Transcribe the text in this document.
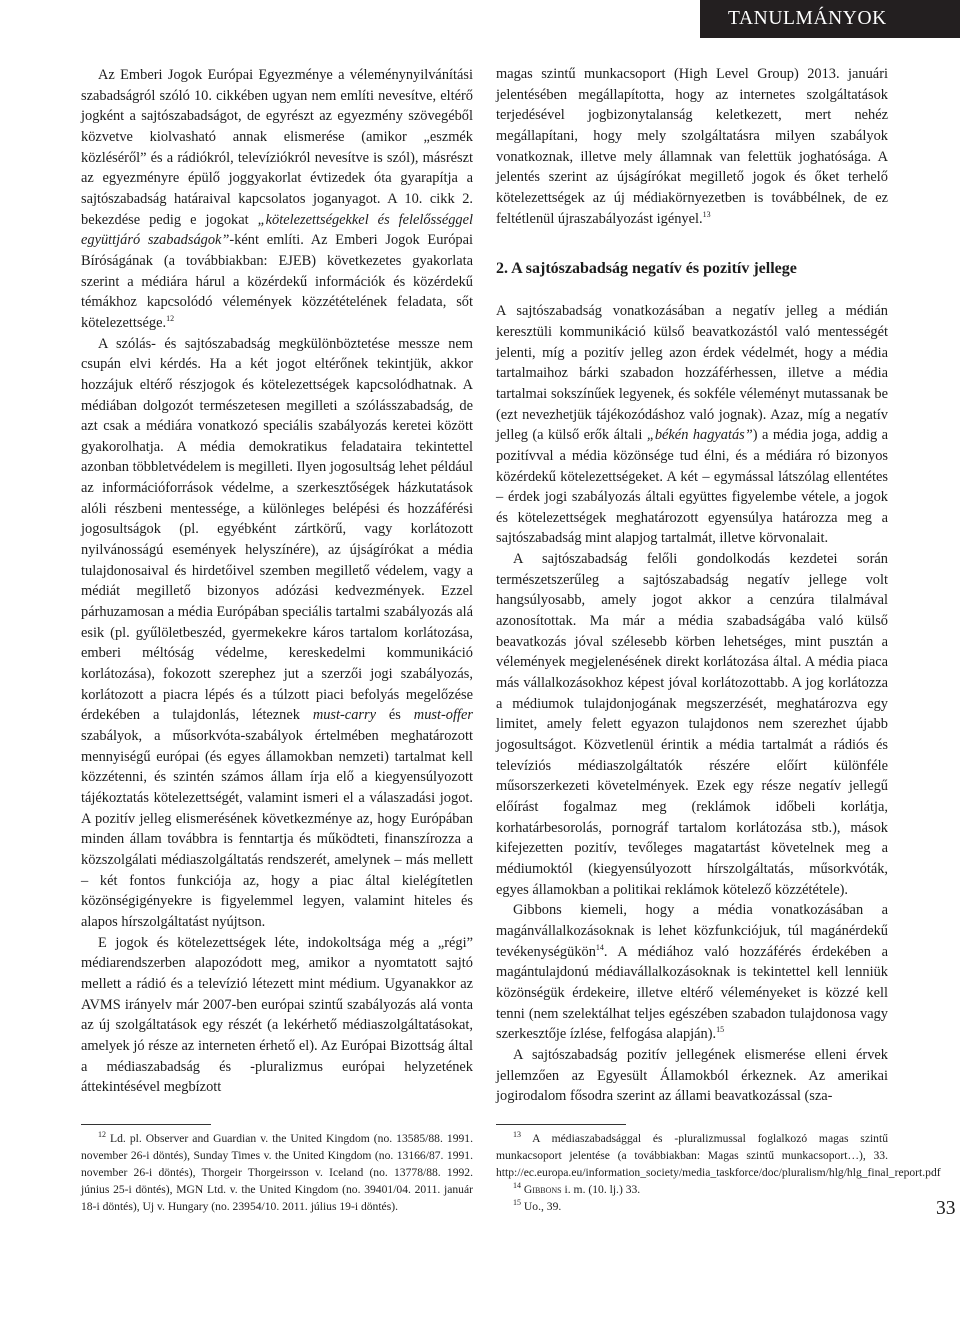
TANULMÁNYOK

Az Emberi Jogok Európai Egyezménye a véleménynyilvánítási szabadságról szóló 10. cikkében ugyan nem említi nevesítve, eltérő jogként a sajtószabadságot, de egyrészt az egyezmény szövegéből közvetve kiolvasható annak elismerése (amikor „eszmék közléséről” és a rádiókról, televíziókról nevesítve is szól), másrészt az egyezményre épülő joggyakorlat évtizedek óta gyarapítja a sajtószabadság határaival kapcsolatos joganyagot. A 10. cikk 2. bekezdése pedig e jogokat „kötelezettségekkel és felelősséggel együttjáró szabadságok”-ként említi. Az Emberi Jogok Európai Bíróságának (a továbbiakban: EJEB) következetes gyakorlata szerint a médiára hárul a közérdekű információk és közérdekű témákhoz kapcsolódó vélemények közzétételének feladata, sőt kötelezettsége.$^{12}$

A szólás- és sajtószabadság megkülönböztetése messze nem csupán elvi kérdés. Ha a két jogot eltérőnek tekintjük, akkor hozzájuk eltérő részjogok és kötelezettségek kapcsolódhatnak. A médiában dolgozót természetesen megilleti a szólásszabadság, de azt csak a médiára vonatkozó speciális szabályozás keretei között gyakorolhatja. A média demokratikus feladataira tekintettel azonban többletvédelem is megilleti. Ilyen jogosultság lehet például az információforrások védelme, a szerkesztőségek házkutatások alóli részbeni mentessége, a különleges belépési és hozzáférési jogosultságok (pl. egyébként zártkörű, vagy korlátozott nyilvánosságú események helyszínére), az újságírókat a média tulajdonosaival és hirdetőivel szemben megillető védelem, vagy a médiát megillető bizonyos adózási kedvezmények. Ezzel párhuzamosan a média Európában speciális tartalmi szabályozás alá esik (pl. gyűlöletbeszéd, gyermekekre káros tartalom korlátozása, emberi méltóság védelme, kereskedelmi kommunikáció korlátozása), fokozott szerephez jut a szerzői jogi szabályozás, korlátozott a piacra lépés és a túlzott piaci befolyás megelőzése érdekében a tulajdonlás, léteznek must-carry és must-offer szabályok, a műsorkvóta-szabályok értelmében meghatározott mennyiségű európai (és egyes államokban nemzeti) tartalmat kell közzétenni, és szintén számos állam írja elő a kiegyensúlyozott tájékoztatás kötelezettségét, valamint ismeri el a válaszadási jogot. A pozitív jelleg elismerésének következménye az, hogy Európában minden állam továbbra is fenntartja és működteti, finanszírozza a közszolgálati médiaszolgáltatás rendszerét, amelynek – más mellett – két fontos funkciója az, hogy a piac által kielégítetlen közönségigényekre is figyelemmel legyen, valamint hiteles és alapos hírszolgáltatást nyújtson.

E jogok és kötelezettségek léte, indokoltsága még a „régi” médiarendszerben alapozódott meg, amikor a nyomtatott sajtó mellett a rádió és a televízió létezett mint médium. Ugyanakkor az AVMS irányelv már 2007-ben európai szintű szabályozás alá vonta az új szolgáltatások egy részét (a lekérhető médiaszolgáltatásokat, amelyek jó része az interneten érhető el). Az Európai Bizottság által a médiaszabadság és -pluralizmus európai helyzetének áttekintésével megbízott

magas szintű munkacsoport (High Level Group) 2013. januári jelentésében megállapította, hogy az internetes szolgáltatások terjedésével jogbizonytalanság keletkezett, mert nehéz megállapítani, hogy mely szolgáltatásra milyen szabályok vonatkoznak, illetve mely államnak van felettük joghatósága. A jelentés szerint az újságírókat megillető jogok és őket terhelő kötelezettségek az új médiakörnyezetben is továbbélnek, de ez feltétlenül újraszabályozást igényel.$^{13}$

2. A sajtószabadság negatív és pozitív jellege

A sajtószabadság vonatkozásában a negatív jelleg a médián keresztüli kommunikáció külső beavatkozástól való mentességét jelenti, míg a pozitív jelleg azon érdek védelmét, hogy a média tartalmaihoz bárki szabadon hozzáférhessen, illetve a média tartalmai sokszínűek legyenek, és sokféle véleményt mutassanak be (ezt nevezhetjük tájékozódáshoz való jognak). Azaz, míg a negatív jelleg (a külső erők általi „békén hagyatás”) a média joga, addig a pozitívval a média közönsége tud élni, és a médiára ró bizonyos közérdekű kötelezettségeket. A két – egymással látszólag ellentétes – érdek jogi szabályozás általi együttes figyelembe vétele, a jogok és kötelezettségek meghatározott egyensúlya határozza meg a sajtószabadság mint alapjog tartalmát, illetve körvonalait.

A sajtószabadság felőli gondolkodás kezdetei során természetszerűleg a sajtószabadság negatív jellege volt hangsúlyosabb, amely jogot akkor a cenzúra tilalmával azonosítottak. Ma már a média szabadságába való külső beavatkozás jóval szélesebb körben lehetséges, mint pusztán a vélemények megjelenésének direkt korlátozása által. A média piaca más vállalkozásokhoz képest jóval korlátozottabb. A jog korlátozza a médiumok tulajdonjogának megszerzését, meghatározva egy limitet, amely felett egyazon tulajdonos nem szerezhet újabb jogosultságot. Közvetlenül érintik a média tartalmát a rádiós és televíziós médiaszolgáltatók részére előírt különféle műsorszerkezeti követelmények. Ezek egy része negatív jellegű előírást fogalmaz meg (reklámok időbeli korlátja, korhatárbesorolás, pornográf tartalom korlátozása stb.), mások kifejezetten pozitív, tevőleges magatartást követelnek meg a médiumoktól (kiegyensúlyozott hírszolgáltatás, műsorkvóták, egyes államokban a politikai reklámok kötelező közzététele).

Gibbons kiemeli, hogy a média vonatkozásában a magánvállalkozásoknak is lehet közfunkciójuk, túl magánérdekű tevékenységükön$^{14}$. A médiához való hozzáférés érdekében a magántulajdonú médiavállalkozásoknak is tekintettel kell lenniük közönségük érdekeire, illetve eltérő véleményeket is közzé kell tenni (nem szelektálhat teljes egészében szabadon tulajdonosa vagy szerkesztője ízlése, felfogása alapján).$^{15}$

A sajtószabadság pozitív jellegének elismerése elleni érvek jellemzően az Egyesült Államokból érkeznek. Az amerikai jogirodalom fősodra szerint az állami beavatkozással (sza-

$^{12}$ Ld. pl. Observer and Guardian v. the United Kingdom (no. 13585/88. 1991. november 26-i döntés), Sunday Times v. the United Kingdom (no. 13166/87. 1991. november 26-i döntés), Thorgeir Thorgeirsson v. Iceland (no. 13778/88. 1992. június 25-i döntés), MGN Ltd. v. the United Kingdom (no. 39401/04. 2011. január 18-i döntés), Uj v. Hungary (no. 23954/10. 2011. július 19-i döntés).

$^{13}$ A médiaszabadsággal és -pluralizmussal foglalkozó magas szintű munkacsoport jelentése (a továbbiakban: Magas szintű munkacsoport…), 33. http://ec.europa.eu/information_society/media_taskforce/doc/pluralism/hlg/hlg_final_report.pdf

$^{14}$ Gibbons i. m. (10. lj.) 33.

$^{15}$ Uo., 39.	33
